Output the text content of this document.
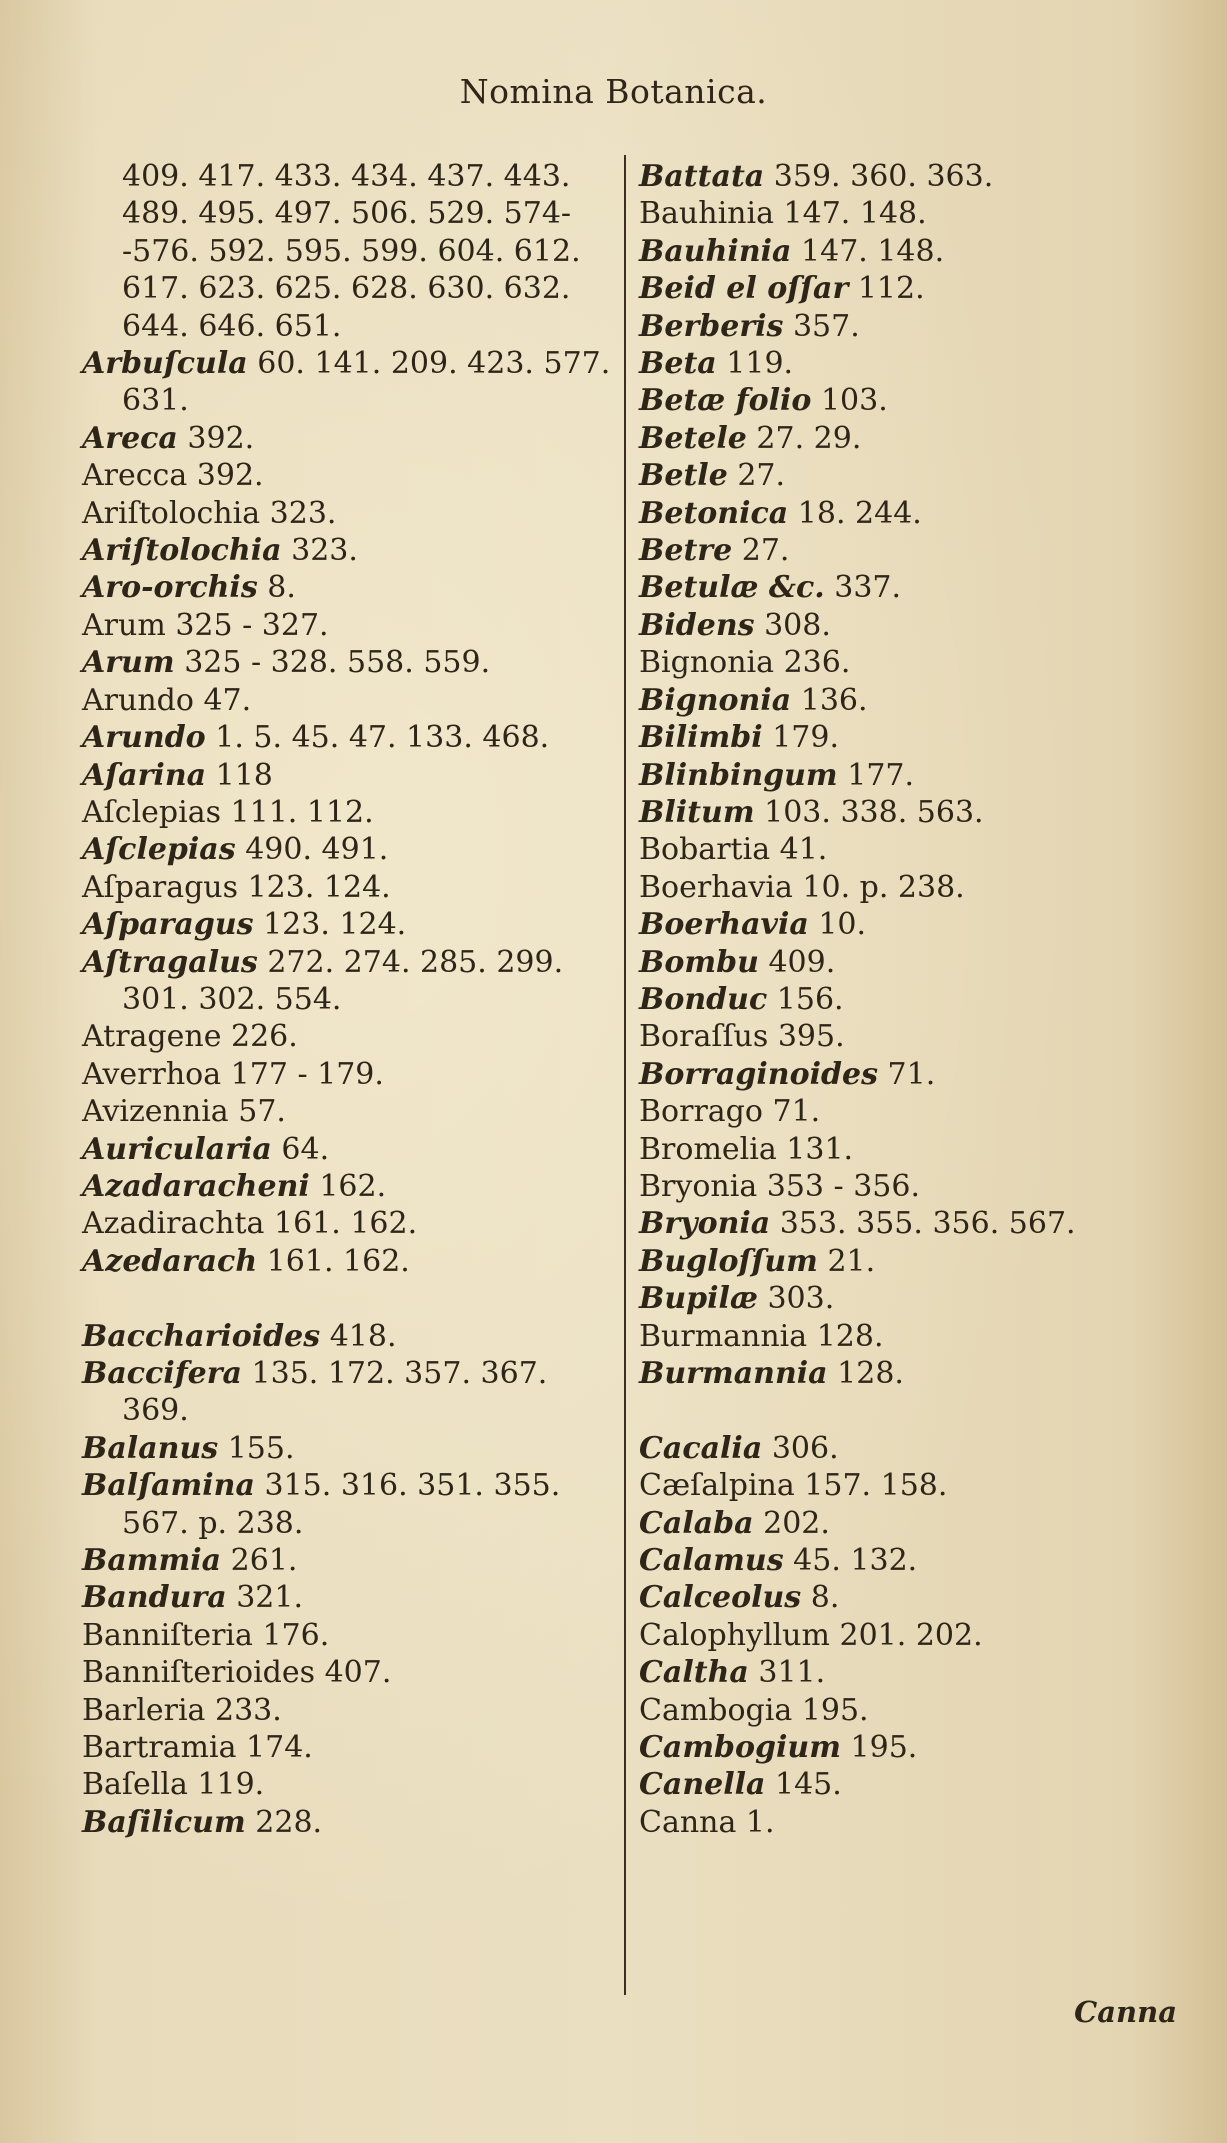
Nomina Botanica.
409. 417. 433. 434. 437. 443.
489. 495. 497. 506. 529. 574-
-576. 592. 595. 599. 604. 612.
617. 623. 625. 628. 630. 632.
644. 646. 651.
Arbuſcula 60. 141. 209. 423. 577.
631.
Areca 392.
Arecca 392.
Ariſtolochia 323.
Ariſtolochia 323.
Aro-orchis 8.
Arum 325 - 327.
Arum 325 - 328. 558. 559.
Arundo 47.
Arundo 1. 5. 45. 47. 133. 468.
Aſarina 118
Aſclepias 111. 112.
Aſclepias 490. 491.
Aſparagus 123. 124.
Aſparagus 123. 124.
Aſtragalus 272. 274. 285. 299.
301. 302. 554.
Atragene 226.
Averrhoa 177 - 179.
Avizennia 57.
Auricularia 64.
Azadaracheni 162.
Azadirachta 161. 162.
Azedarach 161. 162.
Baccharioides 418.
Baccifera 135. 172. 357. 367.
369.
Balanus 155.
Balſamina 315. 316. 351. 355.
567. p. 238.
Bammia 261.
Bandura 321.
Banniſteria 176.
Banniſterioides 407.
Barleria 233.
Bartramia 174.
Baſella 119.
Baſilicum 228.
Battata 359. 360. 363.
Bauhinia 147. 148.
Bauhinia 147. 148.
Beid el oſſar 112.
Berberis 357.
Beta 119.
Betæ folio 103.
Betele 27. 29.
Betle 27.
Betonica 18. 244.
Betre 27.
Betulæ &c. 337.
Bidens 308.
Bignonia 236.
Bignonia 136.
Bilimbi 179.
Blinbingum 177.
Blitum 103. 338. 563.
Bobartia 41.
Boerhavia 10. p. 238.
Boerhavia 10.
Bombu 409.
Bonduc 156.
Boraſſus 395.
Borraginoides 71.
Borrago 71.
Bromelia 131.
Bryonia 353 - 356.
Bryonia 353. 355. 356. 567.
Bugloſſum 21.
Bupilæ 303.
Burmannia 128.
Burmannia 128.
Cacalia 306.
Cæſalpina 157. 158.
Calaba 202.
Calamus 45. 132.
Calceolus 8.
Calophyllum 201. 202.
Caltha 311.
Cambogia 195.
Cambogium 195.
Canella 145.
Canna 1.
Canna
